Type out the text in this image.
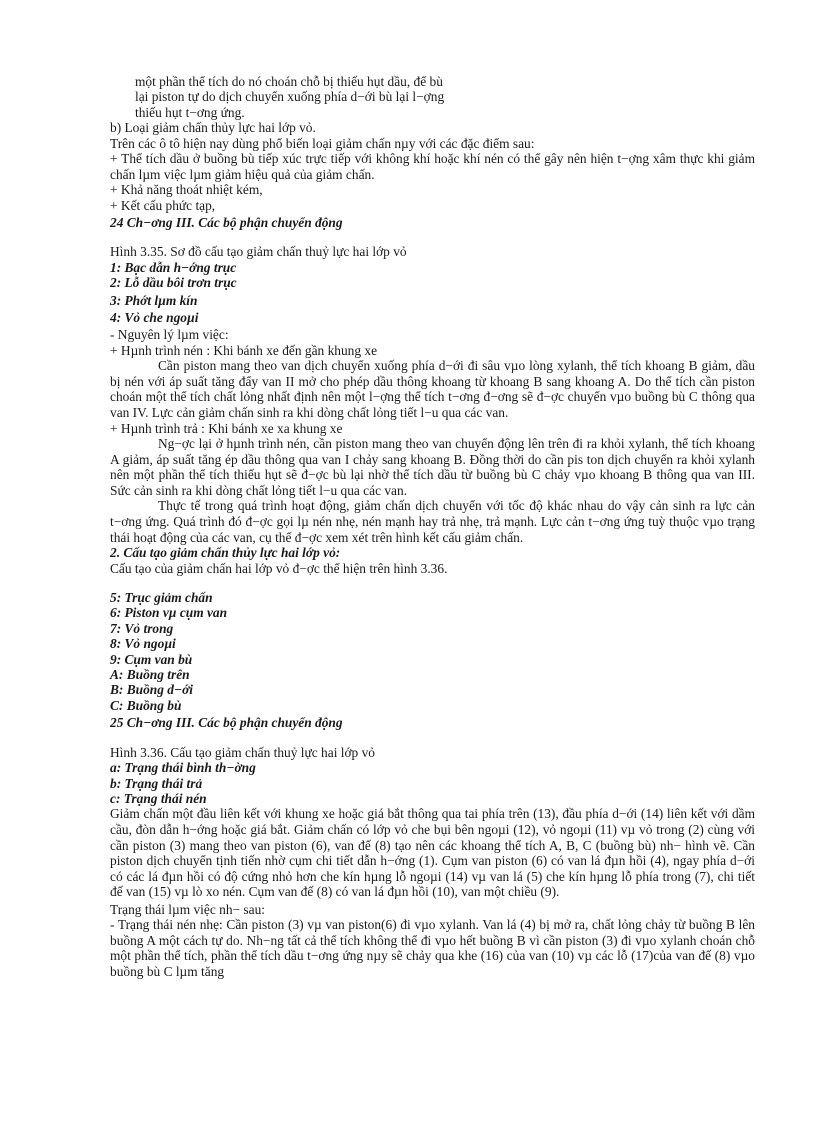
một phần thể tích do nó choán chỗ bị thiếu hụt dầu, để bù

lại piston tự do dịch chuyển xuống phía d−ới bù lại l−ợng

thiếu hụt t−ơng ứng.

b) Loại giảm chấn thủy lực hai lớp vỏ.

Trên các ô tô hiện nay dùng phổ biến loại giảm chấn nµy với các đặc điểm sau:

+ Thể tích dầu ở buồng bù tiếp xúc trực tiếp với không khí hoặc khí nén có thể gây nên hiện t−ợng xâm thực khi giảm chấn lµm việc lµm giảm hiệu quả của giảm chấn.

+ Khả năng thoát nhiệt kém,

+ Kết cấu phức tạp,

24 Ch−ơng III. Các bộ phận chuyển động

Hình 3.35. Sơ đồ cấu tạo giảm chấn thuỷ lực hai lớp vỏ

1: Bạc dẫn h−ớng trục

2: Lỗ dầu bôi trơn trục

3: Phớt lµm kín

4: Vỏ che ngoµi

- Nguyên lý lµm việc:

+ Hµnh trình nén : Khi bánh xe đến gần khung xe

Cần piston mang theo van dịch chuyển xuống phía d−ới đi sâu vµo lòng xylanh, thể tích khoang B giảm, dầu bị nén với áp suất tăng đẩy van II mở cho phép dầu thông khoang từ khoang B sang khoang A. Do thể tích cần piston choán một thể tích chất lỏng nhất định nên một l−ợng thể tích t−ơng đ−ơng sẽ đ−ợc chuyển vµo buồng bù C thông qua van IV. Lực cản giảm chấn sinh ra khi dòng chất lỏng tiết l−u qua các van.

+ Hµnh trình trả : Khi bánh xe xa khung xe

Ng−ợc lại ở hµnh trình nén, cần piston mang theo van chuyển động lên trên đi ra khỏi xylanh, thể tích khoang A giảm, áp suất tăng ép dầu thông qua van I chảy sang khoang B. Đồng thời do cần pis ton dịch chuyển ra khỏi xylanh nên một phần thể tích thiếu hụt sẽ đ−ợc bù lại nhờ thể tích dầu từ buồng bù C chảy vµo khoang B thông qua van III. Sức cản sinh ra khi dòng chất lỏng tiết l−u qua các van.

Thực tế trong quá trình hoạt động, giảm chấn dịch chuyển với tốc độ khác nhau do vậy cản sinh ra lực cản t−ơng ứng. Quá trình đó đ−ợc gọi lµ nén nhẹ, nén mạnh hay trả nhẹ, trả mạnh. Lực cản t−ơng ứng tuỳ thuộc vµo trạng thái hoạt động của các van, cụ thể đ−ợc xem xét trên hình kết cấu giảm chấn.

2. Cấu tạo giảm chấn thủy lực hai lớp vỏ:

Cấu tạo của giảm chấn hai lớp vỏ đ−ợc thể hiện trên hình 3.36.

5: Trục giảm chấn

6: Piston vµ cụm van

7: Vỏ trong

8: Vỏ ngoµi

9: Cụm van bù

A: Buồng trên

B: Buồng d−ới

C: Buồng bù

25 Ch−ơng III. Các bộ phận chuyển động

Hình 3.36. Cấu tạo giảm chấn thuỷ lực hai lớp vỏ

a: Trạng thái bình th−ờng

b: Trạng thái trả

c: Trạng thái nén

Giảm chấn một đầu liên kết với khung xe hoặc giá bắt thông qua tai phía trên (13), đầu phía d−ới (14) liên kết với dầm cầu, đòn dẫn h−ớng hoặc giá bắt. Giảm chấn có lớp vỏ che bụi bên ngoµi (12), vỏ ngoµi (11) vµ vỏ trong (2) cùng với cần piston (3) mang theo van piston (6), van đế (8) tạo nên các khoang thể tích A, B, C (buồng bù) nh− hình vẽ. Cần piston dịch chuyển tịnh tiến nhờ cụm chi tiết dẫn h−ớng (1). Cụm van piston (6) có van lá đµn hồi (4), ngay phía d−ới có các lá đµn hồi có độ cứng nhỏ hơn che kín hµng lỗ ngoµi (14) vµ van lá (5) che kín hµng lỗ phía trong (7), chi tiết đế van (15) vµ lò xo nén. Cụm van đế (8) có van lá đµn hồi (10), van một chiều (9).

Trạng thái lµm việc nh− sau:

- Trạng thái nén nhẹ: Cần piston (3) vµ van piston(6) đi vµo xylanh. Van lá (4) bị mở ra, chất lỏng chảy từ buồng B lên buồng A một cách tự do. Nh−ng tất cả thể tích không thể đi vµo hết buồng B vì cần piston (3) đi vµo xylanh choán chỗ một phần thể tích, phần thể tích dầu t−ơng ứng nµy sẽ chảy qua khe (16) của van (10) vµ các lỗ (17)của van đế (8) vµo buồng bù C lµm tăng
